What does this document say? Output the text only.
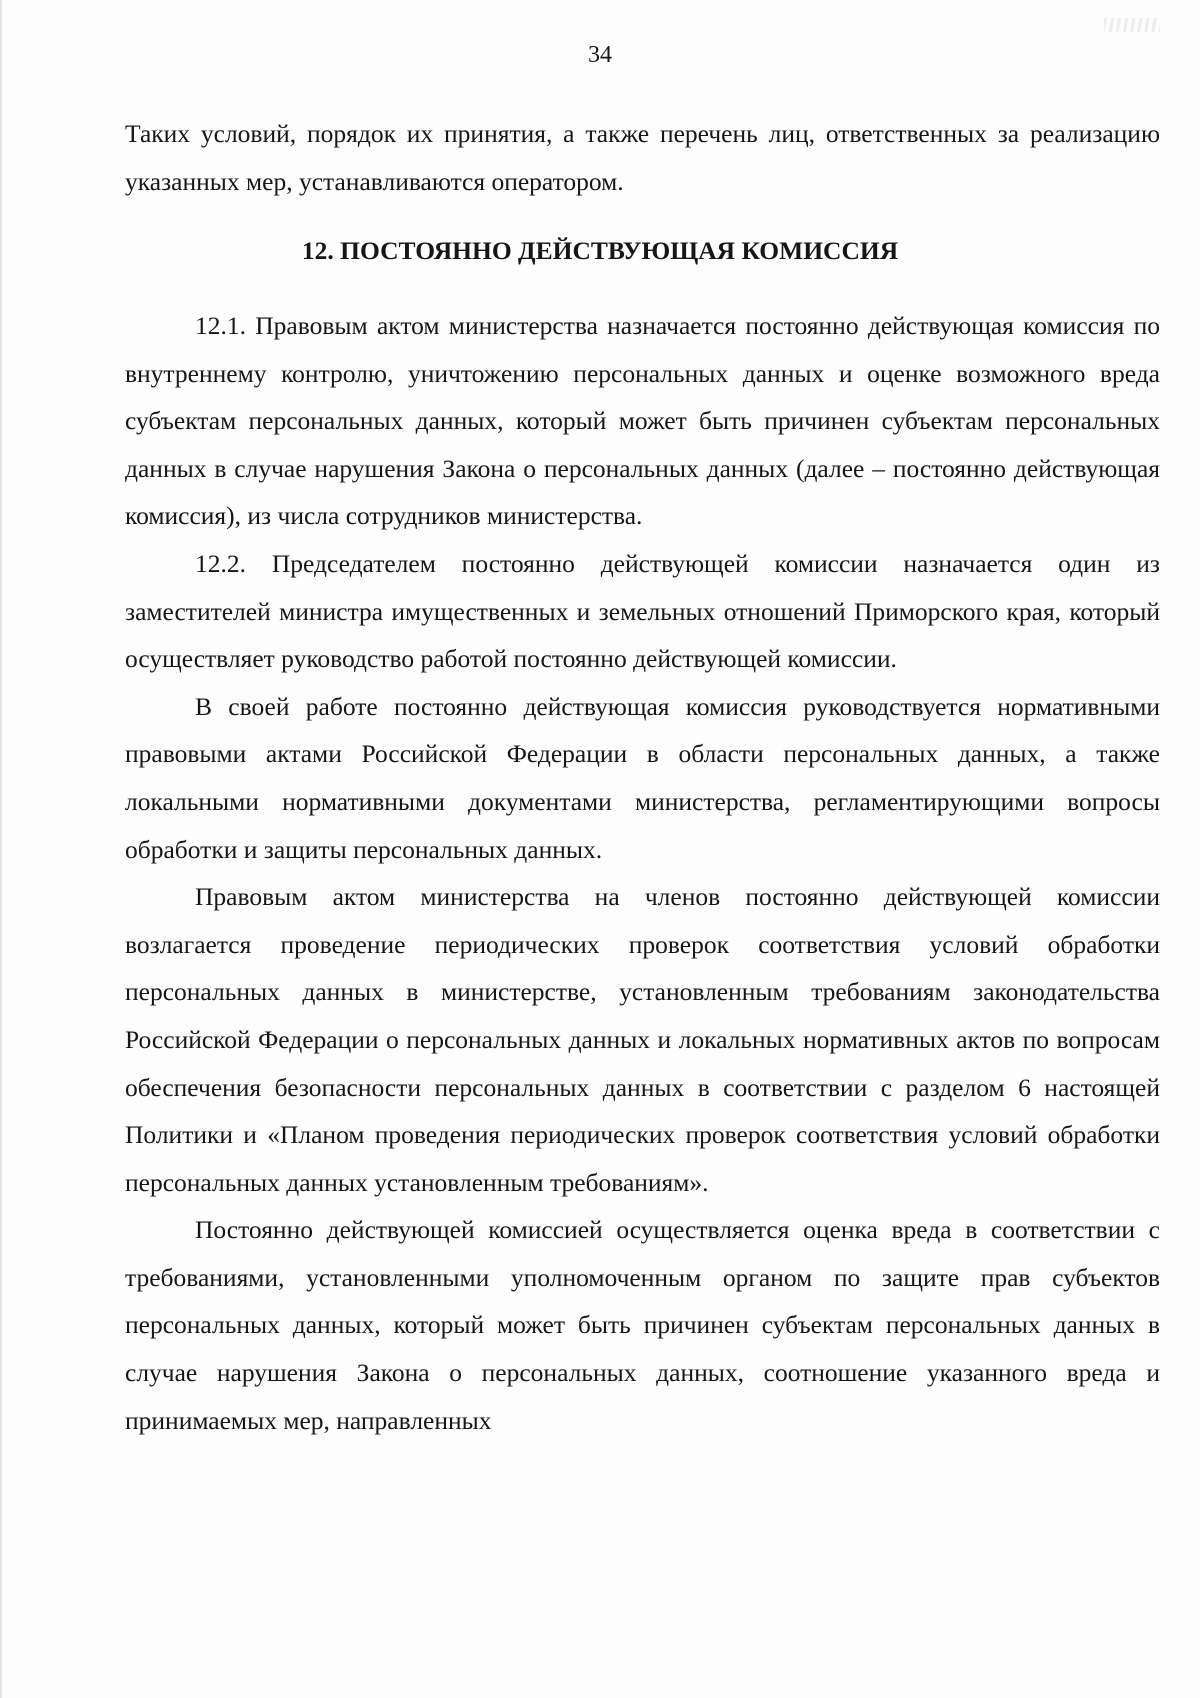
34

Таких условий, порядок их принятия, а также перечень лиц, ответственных за реализацию указанных мер, устанавливаются оператором.

12. ПОСТОЯННО ДЕЙСТВУЮЩАЯ КОМИССИЯ

12.1. Правовым актом министерства назначается постоянно действующая комиссия по внутреннему контролю, уничтожению персональных данных и оценке возможного вреда субъектам персональных данных, который может быть причинен субъектам персональных данных в случае нарушения Закона о персональных данных (далее – постоянно действующая комиссия), из числа сотрудников министерства.

12.2. Председателем постоянно действующей комиссии назначается один из заместителей министра имущественных и земельных отношений Приморского края, который осуществляет руководство работой постоянно действующей комиссии.

В своей работе постоянно действующая комиссия руководствуется нормативными правовыми актами Российской Федерации в области персональных данных, а также локальными нормативными документами министерства, регламентирующими вопросы обработки и защиты персональных данных.

Правовым актом министерства на членов постоянно действующей комиссии возлагается проведение периодических проверок соответствия условий обработки персональных данных в министерстве, установленным требованиям законодательства Российской Федерации о персональных данных и локальных нормативных актов по вопросам обеспечения безопасности персональных данных в соответствии с разделом 6 настоящей Политики и «Планом проведения периодических проверок соответствия условий обработки персональных данных установленным требованиям».

Постоянно действующей комиссией осуществляется оценка вреда в соответствии с требованиями, установленными уполномоченным органом по защите прав субъектов персональных данных, который может быть причинен субъектам персональных данных в случае нарушения Закона о персональных данных, соотношение указанного вреда и принимаемых мер, направленных
